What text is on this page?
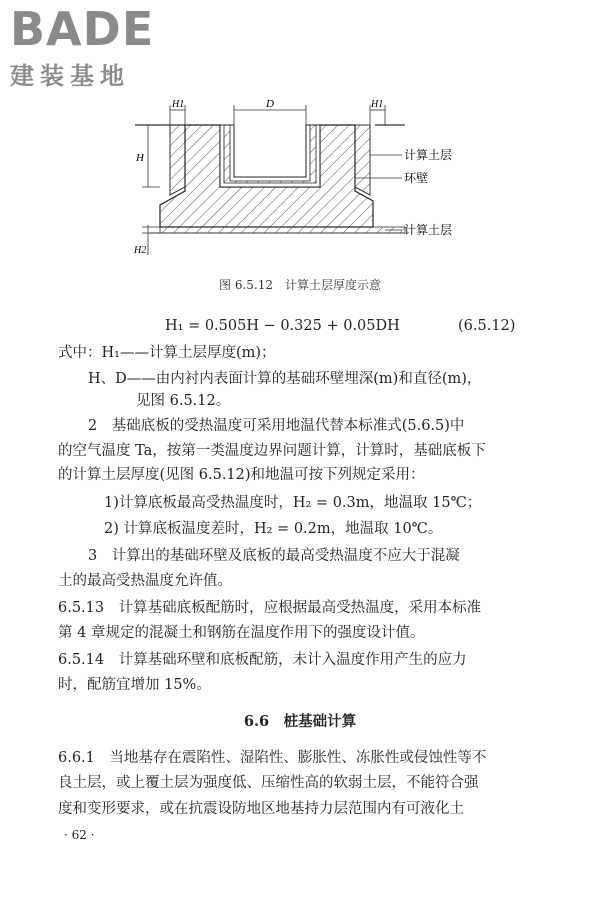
BADE
建装基地
H1	D	H1
H
H2
计算土层
环壁
计算土层
图 6.5.12　计算土层厚度示意
H₁ = 0.505H − 0.325 + 0.05DH	(6.5.12)
式中：H₁——计算土层厚度(m)；
H、D——由内衬内表面计算的基础环壁埋深(m)和直径(m)，
见图 6.5.12。
2　基础底板的受热温度可采用地温代替本标准式(5.6.5)中
的空气温度 Ta，按第一类温度边界问题计算，计算时，基础底板下
的计算土层厚度(见图 6.5.12)和地温可按下列规定采用：
1)计算底板最高受热温度时，H₂ = 0.3m，地温取 15℃；
2) 计算底板温度差时，H₂ = 0.2m，地温取 10℃。
3　计算出的基础环壁及底板的最高受热温度不应大于混凝
土的最高受热温度允许值。
6.5.13　计算基础底板配筋时，应根据最高受热温度，采用本标准
第 4 章规定的混凝土和钢筋在温度作用下的强度设计值。
6.5.14　计算基础环壁和底板配筋，未计入温度作用产生的应力
时，配筋宜增加 15%。
6.6　桩基础计算
6.6.1　当地基存在震陷性、湿陷性、膨胀性、冻胀性或侵蚀性等不
良土层，或上覆土层为强度低、压缩性高的软弱土层，不能符合强
度和变形要求，或在抗震设防地区地基持力层范围内有可液化土
· 62 ·
